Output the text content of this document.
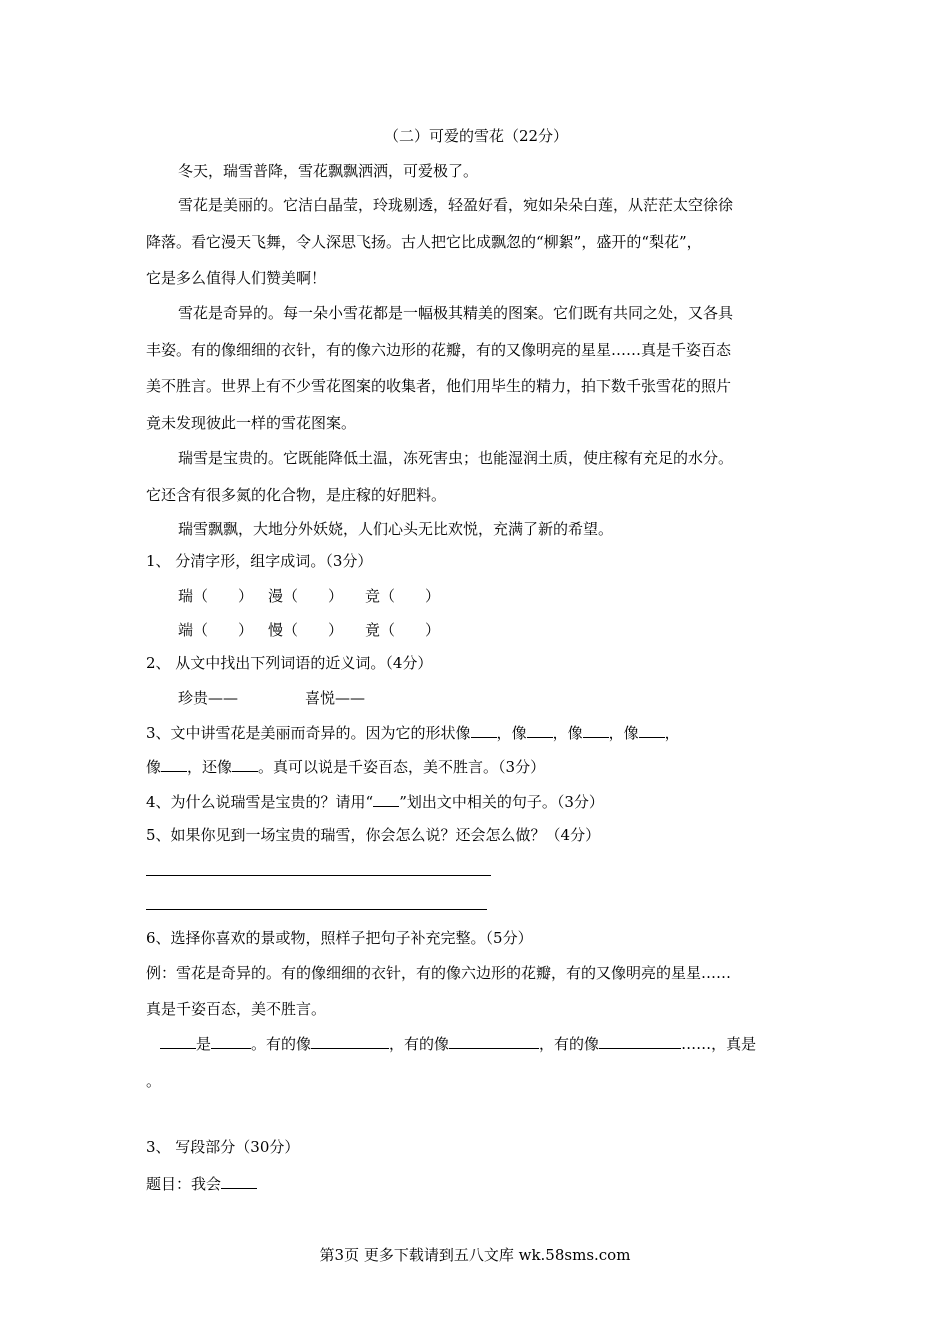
（二）可爱的雪花（22分）
冬天，瑞雪普降，雪花飘飘洒洒，可爱极了。
雪花是美丽的。它洁白晶莹，玲珑剔透，轻盈好看，宛如朵朵白莲，从茫茫太空徐徐
降落。看它漫天飞舞，令人深思飞扬。古人把它比成飘忽的“柳絮”，盛开的“梨花”，
它是多么值得人们赞美啊！
雪花是奇异的。每一朵小雪花都是一幅极其精美的图案。它们既有共同之处，又各具
丰姿。有的像细细的衣针，有的像六边形的花瓣，有的又像明亮的星星……真是千姿百态
美不胜言。世界上有不少雪花图案的收集者，他们用毕生的精力，拍下数千张雪花的照片
竟未发现彼此一样的雪花图案。
瑞雪是宝贵的。它既能降低土温，冻死害虫；也能湿润土质，使庄稼有充足的水分。
它还含有很多氮的化合物，是庄稼的好肥料。
瑞雪飘飘，大地分外妖娆，人们心头无比欢悦，充满了新的希望。
1、 分清字形，组字成词。（3分）
瑞（　　） 漫（　　） 竞（　　）
端（　　） 慢（　　） 竟（　　）
2、 从文中找出下列词语的近义词。（4分）
珍贵——	喜悦——
3、文中讲雪花是美丽而奇异的。因为它的形状像 ，像 ，像 ，像 ，
像 ，还像 。真可以说是千姿百态，美不胜言。（3分）
4、为什么说瑞雪是宝贵的？请用“ ”划出文中相关的句子。（3分）
5、如果你见到一场宝贵的瑞雪，你会怎么说？还会怎么做？（4分）
6、选择你喜欢的景或物，照样子把句子补充完整。（5分）
例：雪花是奇异的。有的像细细的衣针，有的像六边形的花瓣，有的又像明亮的星星……
真是千姿百态，美不胜言。
是	。有的像	，有的像	，有的像	……，真是
。
3、 写段部分（30分）
题目：我会
第3页 更多下载请到五八文库 wk.58sms.com
